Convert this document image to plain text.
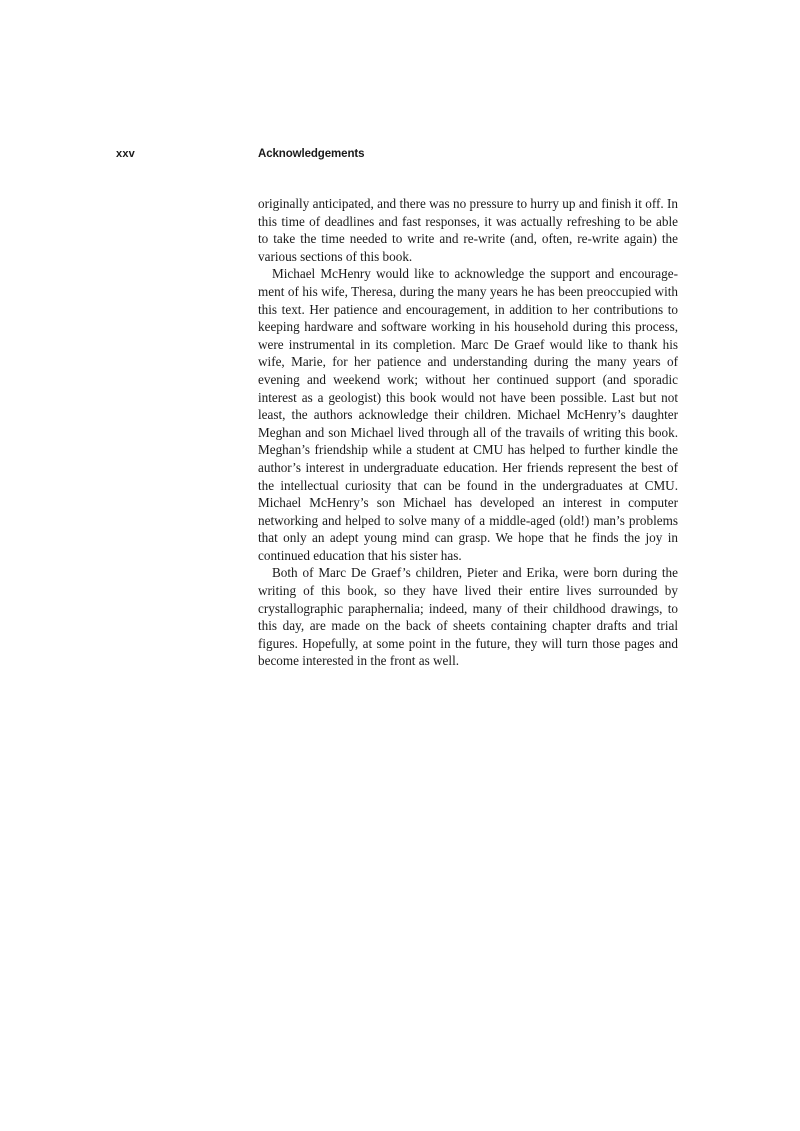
xxv	Acknowledgements

originally anticipated, and there was no pressure to hurry up and finish it off. In this time of deadlines and fast responses, it was actually refreshing to be able to take the time needed to write and re-write (and, often, re-write again) the various sections of this book.

Michael McHenry would like to acknowledge the support and encouragement of his wife, Theresa, during the many years he has been preoccupied with this text. Her patience and encouragement, in addition to her contributions to keeping hardware and software working in his household during this process, were instrumental in its completion. Marc De Graef would like to thank his wife, Marie, for her patience and understanding during the many years of evening and weekend work; without her continued support (and sporadic interest as a geologist) this book would not have been possible. Last but not least, the authors acknowledge their children. Michael McHenry’s daughter Meghan and son Michael lived through all of the travails of writing this book. Meghan’s friendship while a student at CMU has helped to further kindle the author’s interest in undergraduate education. Her friends represent the best of the intellectual curiosity that can be found in the undergraduates at CMU. Michael McHenry’s son Michael has developed an interest in computer networking and helped to solve many of a middle-aged (old!) man’s problems that only an adept young mind can grasp. We hope that he finds the joy in continued education that his sister has.

Both of Marc De Graef’s children, Pieter and Erika, were born during the writing of this book, so they have lived their entire lives surrounded by crystallographic paraphernalia; indeed, many of their childhood drawings, to this day, are made on the back of sheets containing chapter drafts and trial figures. Hopefully, at some point in the future, they will turn those pages and become interested in the front as well.
